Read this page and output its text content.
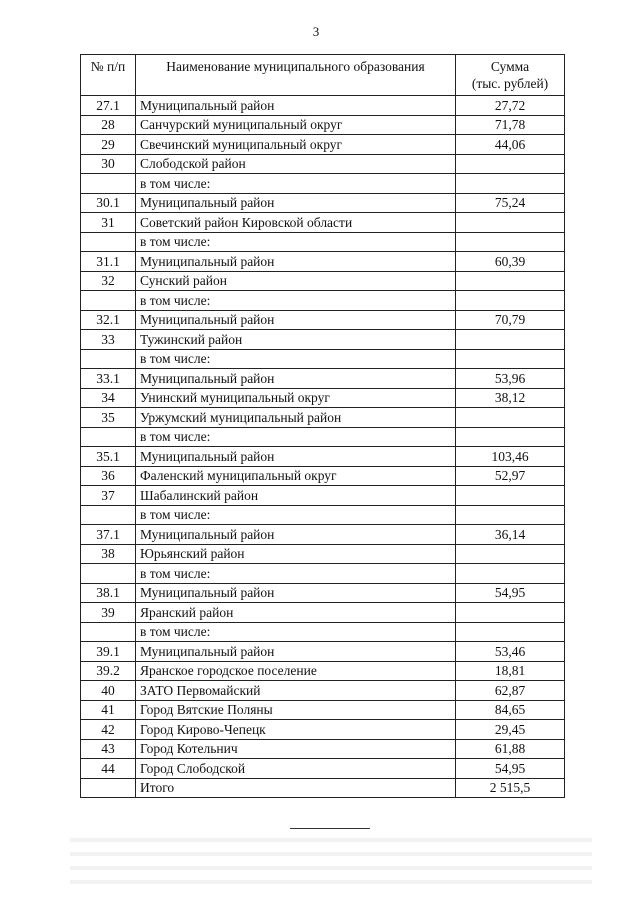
3
№ п/п	Наименование муниципального образования	Сумма
(тыс. рублей)

27.1	Муниципальный район	27,72
28	Санчурский муниципальный округ	71,78
29	Свечинский муниципальный округ	44,06
30	Слободской район	
	в том числе:	
30.1	Муниципальный район	75,24
31	Советский район Кировской области	
	в том числе:	
31.1	Муниципальный район	60,39
32	Сунский район	
	в том числе:	
32.1	Муниципальный район	70,79
33	Тужинский район	
	в том числе:	
33.1	Муниципальный район	53,96
34	Унинский муниципальный округ	38,12
35	Уржумский муниципальный район	
	в том числе:	
35.1	Муниципальный район	103,46
36	Фаленский муниципальный округ	52,97
37	Шабалинский район	
	в том числе:	
37.1	Муниципальный район	36,14
38	Юрьянский район	
	в том числе:	
38.1	Муниципальный район	54,95
39	Яранский район	
	в том числе:	
39.1	Муниципальный район	53,46
39.2	Яранское городское поселение	18,81
40	ЗАТО Первомайский	62,87
41	Город Вятские Поляны	84,65
42	Город Кирово-Чепецк	29,45
43	Город Котельнич	61,88
44	Город Слободской	54,95
	Итого	2 515,5
